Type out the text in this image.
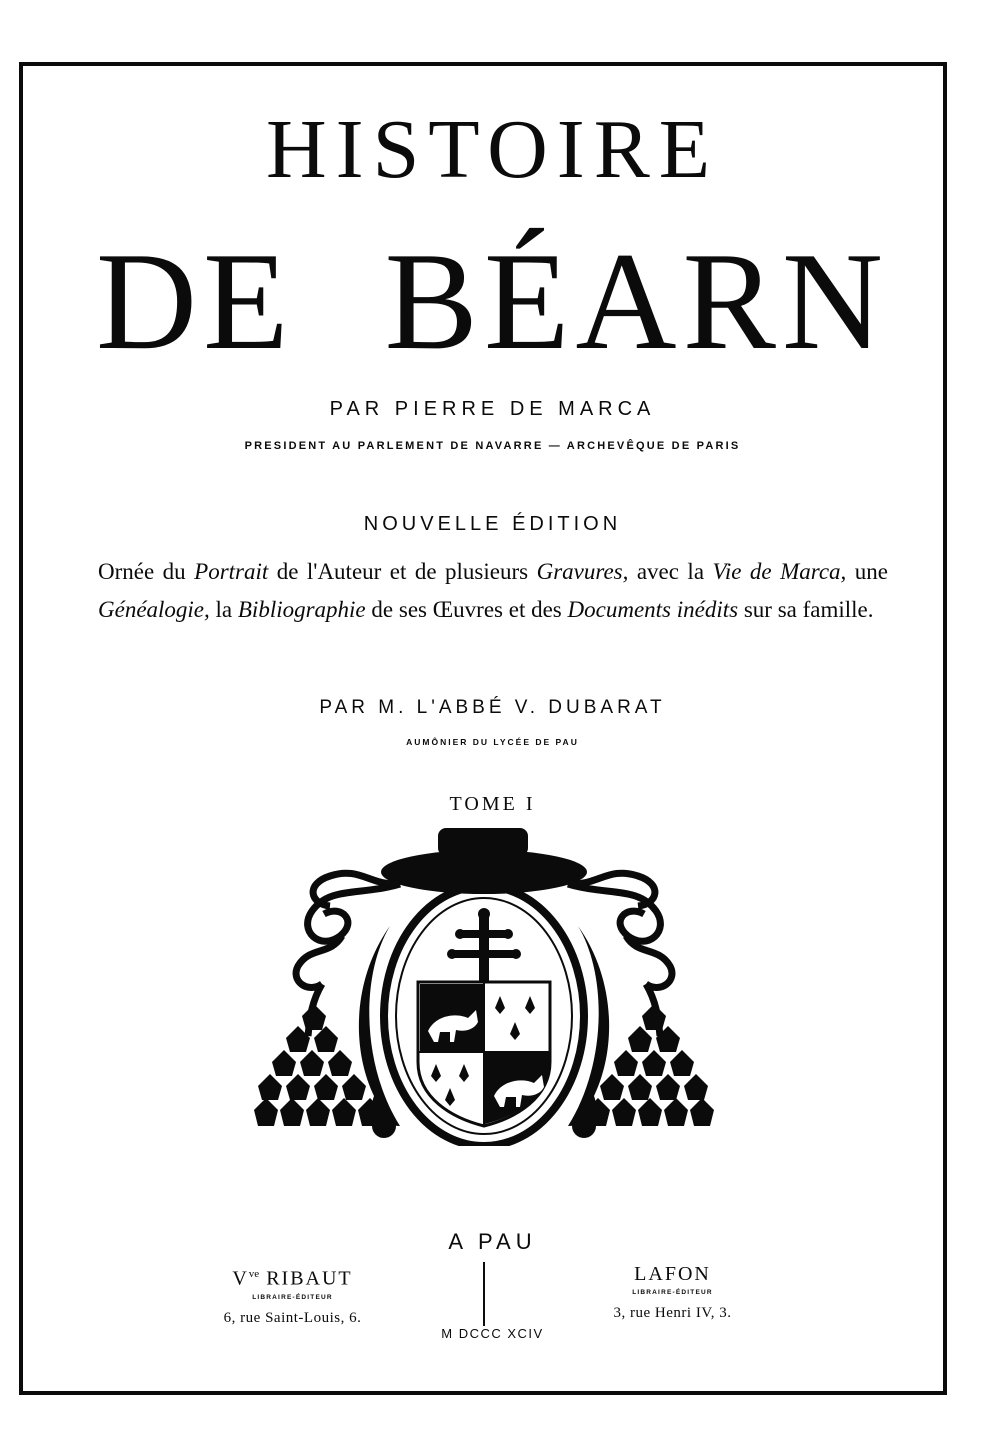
HISTOIRE
DE BÉARN
PAR PIERRE DE MARCA
PRESIDENT AU PARLEMENT DE NAVARRE — ARCHEVÊQUE DE PARIS
NOUVELLE ÉDITION
Ornée du Portrait de l'Auteur et de plusieurs Gravures, avec la Vie de Marca, une Généalogie, la Bibliographie de ses Œuvres et des Documents inédits sur sa famille.
PAR M. L'ABBÉ V. DUBARAT
AUMÔNIER DU LYCÉE DE PAU
TOME I
A PAU
$V^{ve}$ RIBAUT
LIBRAIRE-ÉDITEUR
6, rue Saint-Louis, 6.
LAFON
LIBRAIRE-ÉDITEUR
3, rue Henri IV, 3.
M DCCC XCIV
